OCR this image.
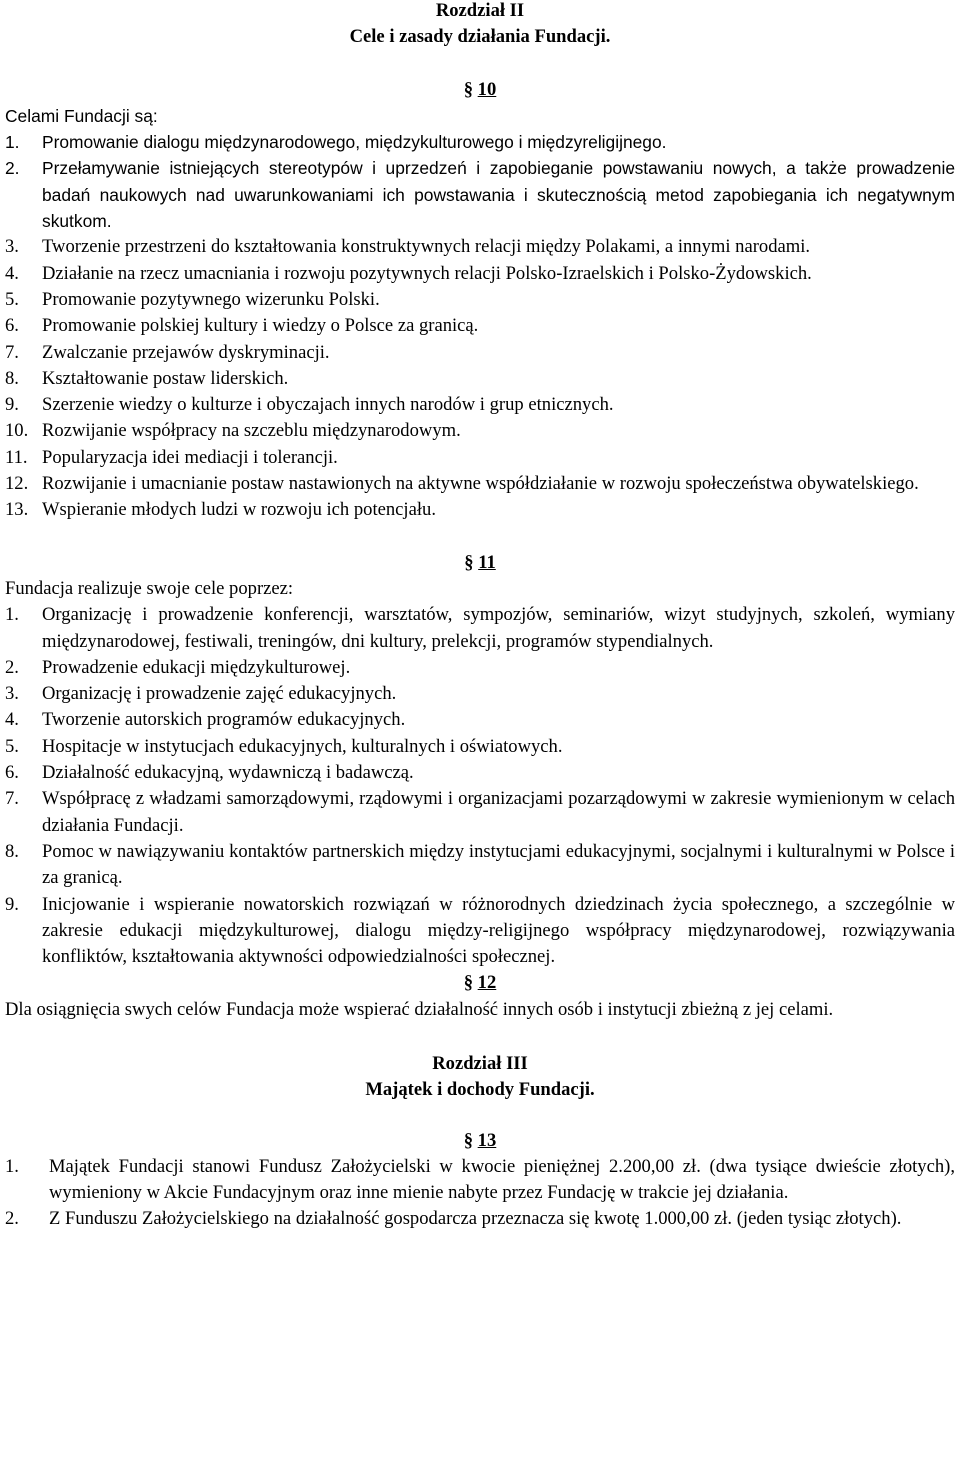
Rozdział II
Cele i zasady działania Fundacji.
§ 10
Celami Fundacji są:
1. Promowanie dialogu międzynarodowego, międzykulturowego i międzyreligijnego.
2. Przełamywanie istniejących stereotypów i uprzedzeń i zapobieganie powstawaniu nowych, a także prowadzenie badań naukowych nad uwarunkowaniami ich powstawania i skutecznością metod zapobiegania ich negatywnym skutkom.
3. Tworzenie przestrzeni do kształtowania konstruktywnych relacji między Polakami, a innymi narodami.
4. Działanie na rzecz umacniania i rozwoju pozytywnych relacji Polsko-Izraelskich i Polsko-Żydowskich.
5. Promowanie pozytywnego wizerunku Polski.
6. Promowanie polskiej kultury i wiedzy o Polsce za granicą.
7. Zwalczanie przejawów dyskryminacji.
8. Kształtowanie postaw liderskich.
9. Szerzenie wiedzy o kulturze i obyczajach innych narodów i grup etnicznych.
10. Rozwijanie współpracy na szczeblu międzynarodowym.
11. Popularyzacja idei mediacji i tolerancji.
12. Rozwijanie i umacnianie postaw nastawionych na aktywne współdziałanie w rozwoju społeczeństwa obywatelskiego.
13. Wspieranie młodych ludzi w rozwoju ich potencjału.
§ 11
Fundacja realizuje swoje cele poprzez:
1. Organizację i prowadzenie konferencji, warsztatów, sympozjów, seminariów, wizyt studyjnych, szkoleń, wymiany międzynarodowej, festiwali, treningów, dni kultury, prelekcji, programów stypendialnych.
2. Prowadzenie edukacji międzykulturowej.
3. Organizację i prowadzenie zajęć edukacyjnych.
4. Tworzenie autorskich programów edukacyjnych.
5. Hospitacje w instytucjach edukacyjnych, kulturalnych i oświatowych.
6. Działalność edukacyjną, wydawniczą i badawczą.
7. Współpracę z władzami samorządowymi, rządowymi i organizacjami pozarządowymi w zakresie wymienionym w celach działania Fundacji.
8. Pomoc w nawiązywaniu kontaktów partnerskich między instytucjami edukacyjnymi, socjalnymi i kulturalnymi w Polsce i za granicą.
9. Inicjowanie i wspieranie nowatorskich rozwiązań w różnorodnych dziedzinach życia społecznego, a szczególnie w zakresie edukacji międzykulturowej, dialogu między-religijnego współpracy międzynarodowej, rozwiązywania konfliktów, kształtowania aktywności odpowiedzialności społecznej.
§ 12

Dla osiągnięcia swych celów Fundacja może wspierać działalność innych osób i instytucji zbieżną z jej celami.

Rozdział III
Majątek i dochody Fundacji.
§ 13
1. Majątek Fundacji stanowi Fundusz Założycielski w kwocie pieniężnej 2.200,00 zł. (dwa tysiące dwieście złotych), wymieniony w Akcie Fundacyjnym oraz inne mienie nabyte przez Fundację w trakcie jej działania.
2. Z Funduszu Założycielskiego na działalność gospodarcza przeznacza się kwotę 1.000,00 zł. (jeden tysiąc złotych).
